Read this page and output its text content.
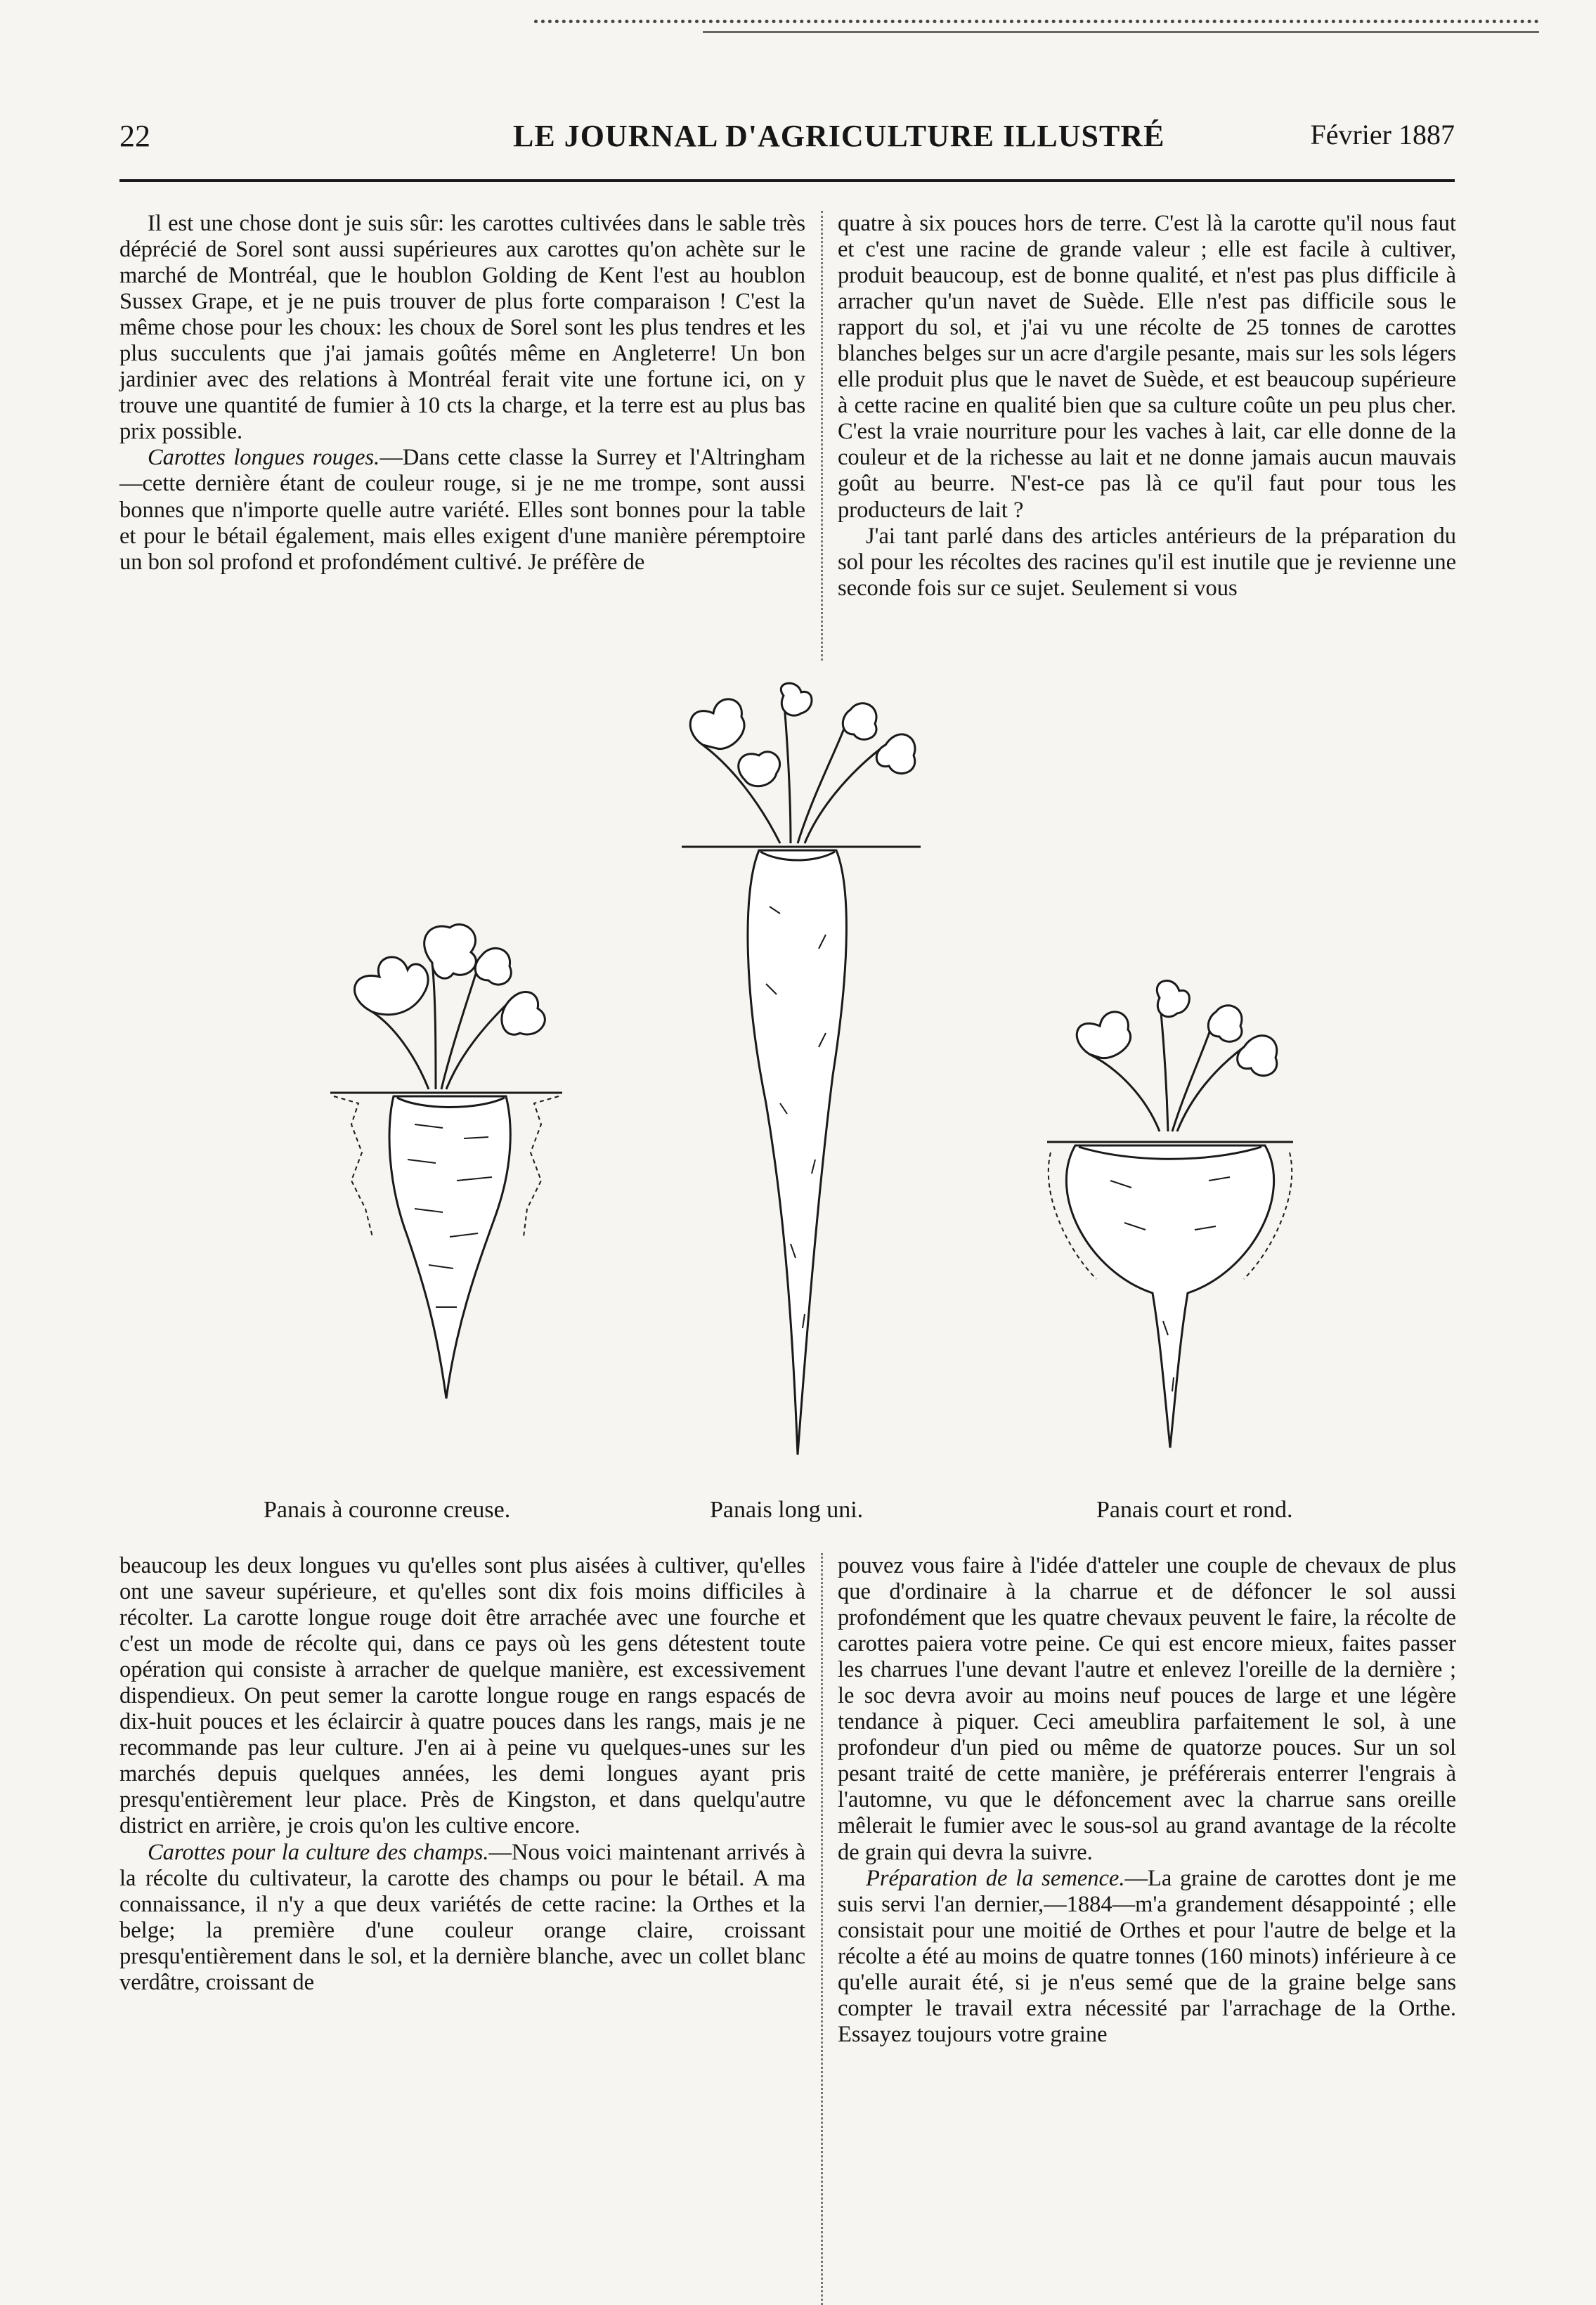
22	LE JOURNAL D'AGRICULTURE ILLUSTRÉ	Février 1887

Il est une chose dont je suis sûr: les carottes cultivées dans le sable très déprécié de Sorel sont aussi supérieures aux carottes qu'on achète sur le marché de Montréal, que le houblon Golding de Kent l'est au houblon Sussex Grape, et je ne puis trouver de plus forte comparaison ! C'est la même chose pour les choux: les choux de Sorel sont les plus tendres et les plus succulents que j'ai jamais goûtés même en Angleterre! Un bon jardinier avec des relations à Montréal ferait vite une fortune ici, on y trouve une quantité de fumier à 10 cts la charge, et la terre est au plus bas prix possible.

Carottes longues rouges.—Dans cette classe la Surrey et l'Altringham—cette dernière étant de couleur rouge, si je ne me trompe, sont aussi bonnes que n'importe quelle autre variété. Elles sont bonnes pour la table et pour le bétail également, mais elles exigent d'une manière péremptoire un bon sol profond et profondément cultivé. Je préfère de

quatre à six pouces hors de terre. C'est là la carotte qu'il nous faut et c'est une racine de grande valeur ; elle est facile à cultiver, produit beaucoup, est de bonne qualité, et n'est pas plus difficile à arracher qu'un navet de Suède. Elle n'est pas difficile sous le rapport du sol, et j'ai vu une récolte de 25 tonnes de carottes blanches belges sur un acre d'argile pesante, mais sur les sols légers elle produit plus que le navet de Suède, et est beaucoup supérieure à cette racine en qualité bien que sa culture coûte un peu plus cher. C'est la vraie nourriture pour les vaches à lait, car elle donne de la couleur et de la richesse au lait et ne donne jamais aucun mauvais goût au beurre. N'est-ce pas là ce qu'il faut pour tous les producteurs de lait ?

J'ai tant parlé dans des articles antérieurs de la préparation du sol pour les récoltes des racines qu'il est inutile que je revienne une seconde fois sur ce sujet. Seulement si vous

Panais à couronne creuse.	Panais long uni.	Panais court et rond.

beaucoup les deux longues vu qu'elles sont plus aisées à cultiver, qu'elles ont une saveur supérieure, et qu'elles sont dix fois moins difficiles à récolter. La carotte longue rouge doit être arrachée avec une fourche et c'est un mode de récolte qui, dans ce pays où les gens détestent toute opération qui consiste à arracher de quelque manière, est excessivement dispendieux. On peut semer la carotte longue rouge en rangs espacés de dix-huit pouces et les éclaircir à quatre pouces dans les rangs, mais je ne recommande pas leur culture. J'en ai à peine vu quelques-unes sur les marchés depuis quelques années, les demi longues ayant pris presqu'entièrement leur place. Près de Kingston, et dans quelqu'autre district en arrière, je crois qu'on les cultive encore.

Carottes pour la culture des champs.—Nous voici maintenant arrivés à la récolte du cultivateur, la carotte des champs ou pour le bétail. A ma connaissance, il n'y a que deux variétés de cette racine: la Orthes et la belge; la première d'une couleur orange claire, croissant presqu'entièrement dans le sol, et la dernière blanche, avec un collet blanc verdâtre, croissant de

pouvez vous faire à l'idée d'atteler une couple de chevaux de plus que d'ordinaire à la charrue et de défoncer le sol aussi profondément que les quatre chevaux peuvent le faire, la récolte de carottes paiera votre peine. Ce qui est encore mieux, faites passer les charrues l'une devant l'autre et enlevez l'oreille de la dernière ; le soc devra avoir au moins neuf pouces de large et une légère tendance à piquer. Ceci ameublira parfaitement le sol, à une profondeur d'un pied ou même de quatorze pouces. Sur un sol pesant traité de cette manière, je préférerais enterrer l'engrais à l'automne, vu que le défoncement avec la charrue sans oreille mêlerait le fumier avec le sous-sol au grand avantage de la récolte de grain qui devra la suivre.

Préparation de la semence.—La graine de carottes dont je me suis servi l'an dernier,—1884—m'a grandement désappointé ; elle consistait pour une moitié de Orthes et pour l'autre de belge et la récolte a été au moins de quatre tonnes (160 minots) inférieure à ce qu'elle aurait été, si je n'eus semé que de la graine belge sans compter le travail extra nécessité par l'arrachage de la Orthe. Essayez toujours votre graine
